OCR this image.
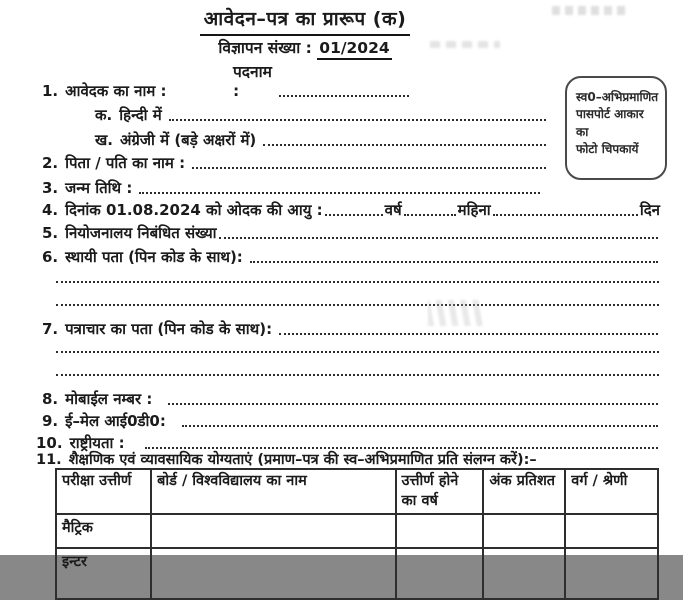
आवेदन–पत्र का प्रारूप (क)
विज्ञापन संख्या : 01/2024
पदनाम :	स्व0–अभिप्रमाणित
पासपोर्ट आकार का
फोटो चिपकायें
1. आवेदक का नाम :
क. हिन्दी में
ख. अंग्रेजी में (बड़े अक्षरों में)
2. पिता / पति का नाम :
3. जन्म तिथि :
4. दिनांक 01.08.2024 को ओदक की आयु :	वर्ष	महिना	दिन
5. नियोजनालय निबंधित संख्या
6. स्थायी पता (पिन कोड के साथ):
7. पत्राचार का पता (पिन कोड के साथ):
8. मोबाईल नम्बर :
9. ई–मेल आई0डी0:
10. राष्ट्रीयता :
11. शैक्षणिक एवं व्यावसायिक योग्यताएं (प्रमाण–पत्र की स्व–अभिप्रमाणित प्रति संलग्न करें):–
परीक्षा उत्तीर्ण	बोर्ड / विश्वविद्यालय का नाम	उत्तीर्ण होने का वर्ष	अंक प्रतिशत	वर्ग / श्रेणी
मैट्रिक				
इन्टर				
